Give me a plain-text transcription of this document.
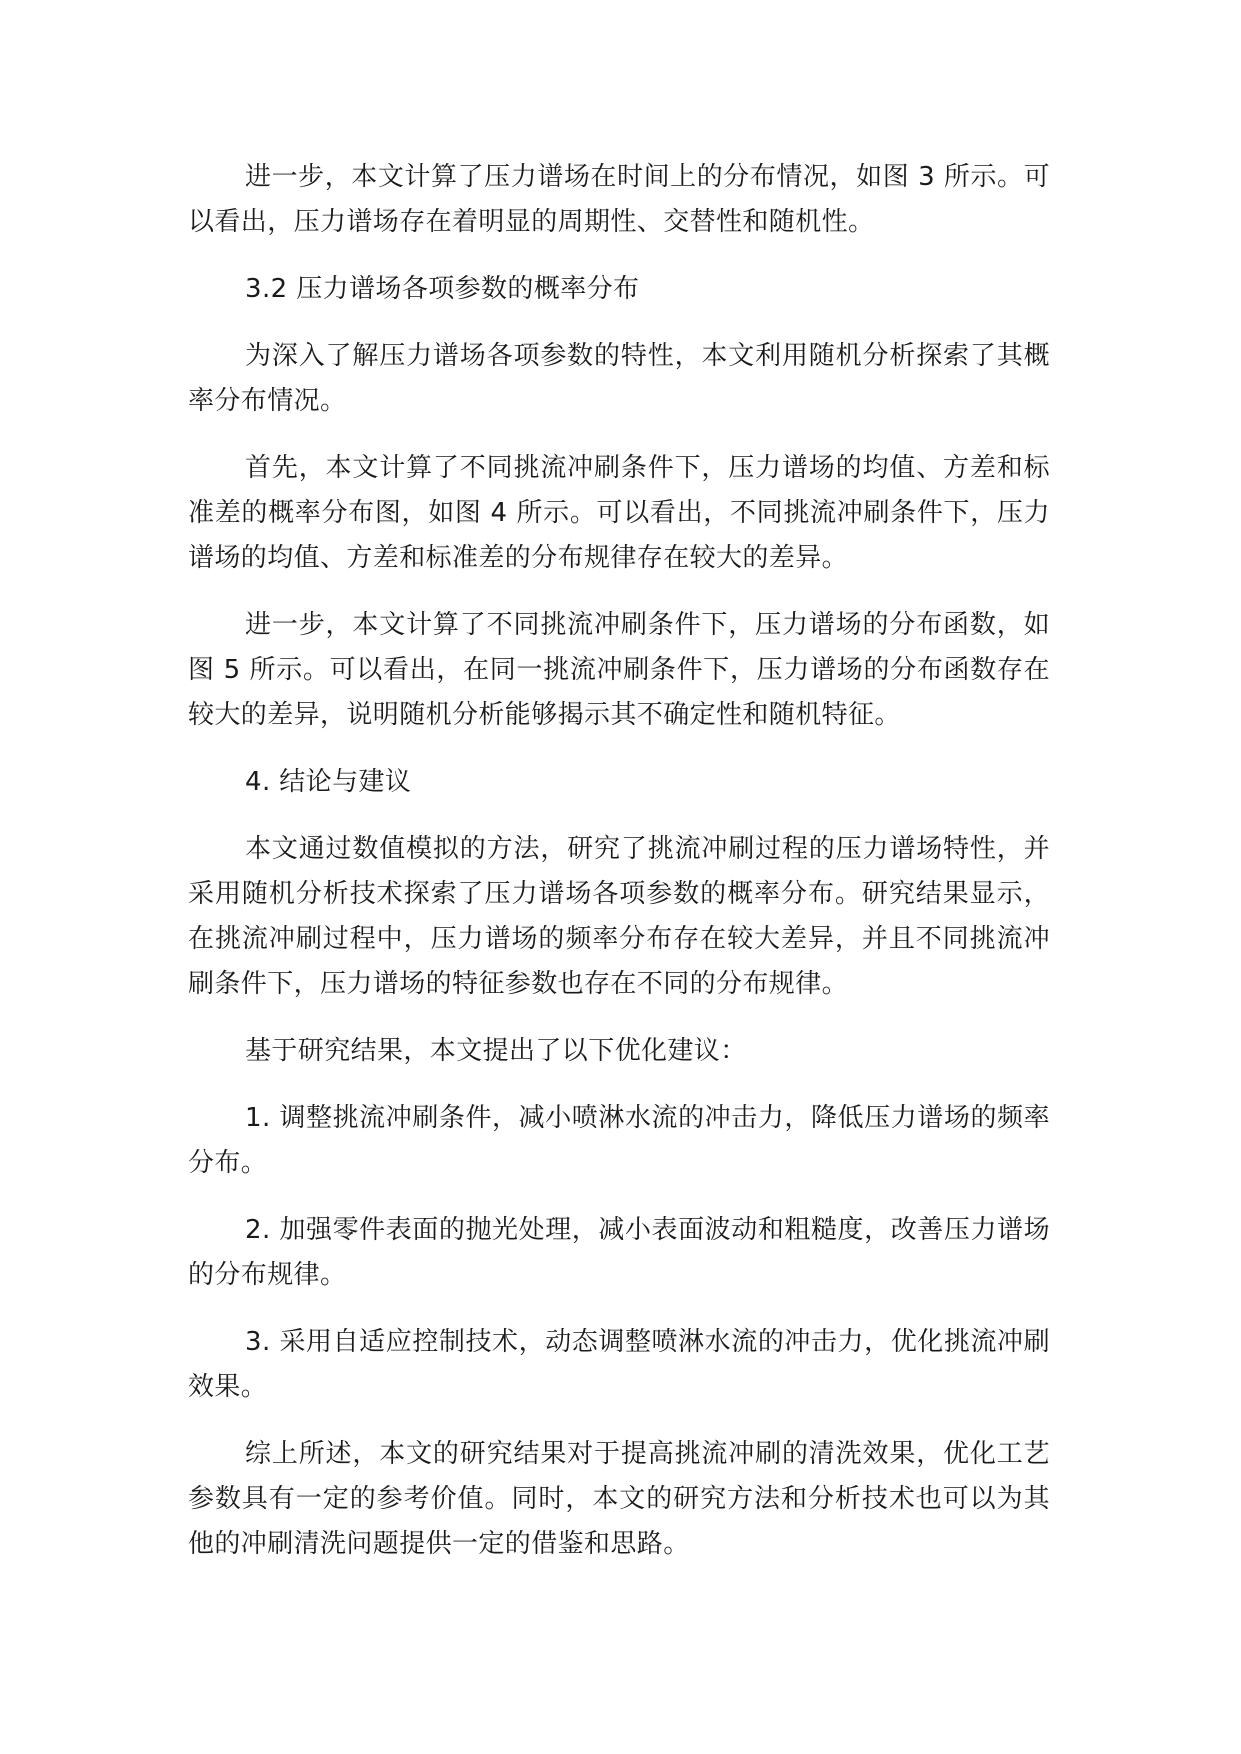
进一步，本文计算了压力谱场在时间上的分布情况，如图 3 所示。可以看出，压力谱场存在着明显的周期性、交替性和随机性。

3.2 压力谱场各项参数的概率分布

为深入了解压力谱场各项参数的特性，本文利用随机分析探索了其概率分布情况。

首先，本文计算了不同挑流冲刷条件下，压力谱场的均值、方差和标准差的概率分布图，如图 4 所示。可以看出，不同挑流冲刷条件下，压力谱场的均值、方差和标准差的分布规律存在较大的差异。

进一步，本文计算了不同挑流冲刷条件下，压力谱场的分布函数，如图 5 所示。可以看出，在同一挑流冲刷条件下，压力谱场的分布函数存在较大的差异，说明随机分析能够揭示其不确定性和随机特征。

4. 结论与建议

本文通过数值模拟的方法，研究了挑流冲刷过程的压力谱场特性，并采用随机分析技术探索了压力谱场各项参数的概率分布。研究结果显示，在挑流冲刷过程中，压力谱场的频率分布存在较大差异，并且不同挑流冲刷条件下，压力谱场的特征参数也存在不同的分布规律。

基于研究结果，本文提出了以下优化建议：

1. 调整挑流冲刷条件，减小喷淋水流的冲击力，降低压力谱场的频率分布。

2. 加强零件表面的抛光处理，减小表面波动和粗糙度，改善压力谱场的分布规律。

3. 采用自适应控制技术，动态调整喷淋水流的冲击力，优化挑流冲刷效果。

综上所述，本文的研究结果对于提高挑流冲刷的清洗效果，优化工艺参数具有一定的参考价值。同时，本文的研究方法和分析技术也可以为其他的冲刷清洗问题提供一定的借鉴和思路。
